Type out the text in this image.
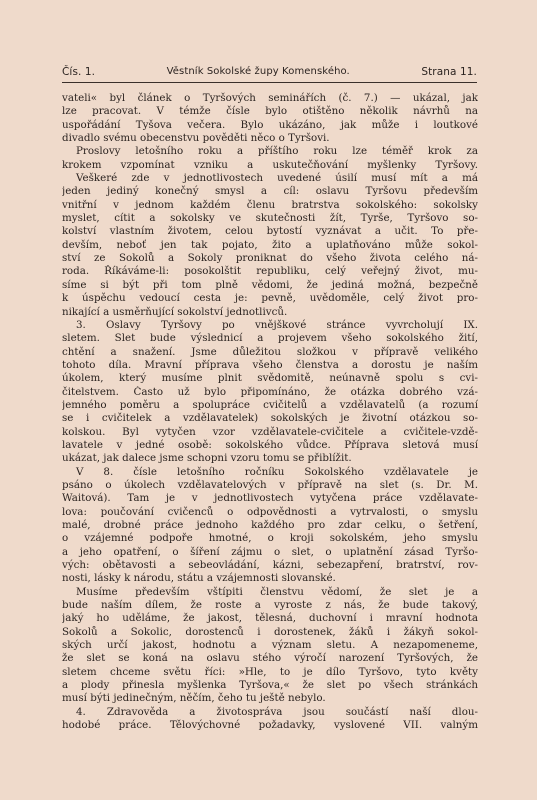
Čís. 1.	Věstník Sokolské župy Komenského.	Strana 11.
vateli« byl článek o Tyršových seminářích (č. 7.) — ukázal, jak
lze pracovat. V témže čísle bylo otištěno několik návrhů na
uspořádání Tyšova večera. Bylo ukázáno, jak může i loutkové
divadlo svému obecenstvu pověděti něco o Tyršovi.
Proslovy letošního roku a příštího roku lze téměř krok za
krokem vzpomínat vzniku a uskutečňování myšlenky Tyršovy.
Veškeré zde v jednotlivostech uvedené úsilí musí mít a má
jeden jediný konečný smysl a cíl: oslavu Tyršovu především
vnitřní v jednom každém členu bratrstva sokolského: sokolsky
myslet, cítit a sokolsky ve skutečnosti žít, Tyrše, Tyršovo so-
kolství vlastním životem, celou bytostí vyznávat a učit. To pře-
devším, neboť jen tak pojato, žito a uplatňováno může sokol-
ství ze Sokolů a Sokoly proniknat do všeho života celého ná-
roda. Říkáváme-li: posokolštit republiku, celý veřejný život, mu-
síme si být při tom plně vědomi, že jediná možná, bezpečně
k úspěchu vedoucí cesta je: pevně, uvědoměle, celý život pro-
nikající a usměrňující sokolství jednotlivců.
3. Oslavy Tyršovy po vnějškové stránce vyvrcholují IX.
sletem. Slet bude výslednicí a projevem všeho sokolského žití,
chtění a snažení. Jsme důležitou složkou v přípravě velikého
tohoto díla. Mravní příprava všeho členstva a dorostu je naším
úkolem, který musíme plnit svědomitě, neúnavně spolu s cvi-
čitelstvem. Často už bylo připomínáno, že otázka dobrého vzá-
jemného poměru a spolupráce cvičitelů a vzdělavatelů (a rozumí
se i cvičitelek a vzdělavatelek) sokolských je životní otázkou so-
kolskou. Byl vytyčen vzor vzdělavatele-cvičitele a cvičitele-vzdě-
lavatele v jedné osobě: sokolského vůdce. Příprava sletová musí
ukázat, jak dalece jsme schopni vzoru tomu se přiblížit.
V 8. čísle letošního ročníku Sokolského vzdělavatele je
psáno o úkolech vzdělavatelových v přípravě na slet (s. Dr. M.
Waitová). Tam je v jednotlivostech vytyčena práce vzdělavate-
lova: poučování cvičenců o odpovědnosti a vytrvalosti, o smyslu
malé, drobné práce jednoho každého pro zdar celku, o šetření,
o vzájemné podpoře hmotné, o kroji sokolském, jeho smyslu
a jeho opatření, o šíření zájmu o slet, o uplatnění zásad Tyršo-
vých: obětavosti a sebeovládání, kázni, sebezapření, bratrství, rov-
nosti, lásky k národu, státu a vzájemnosti slovanské.
Musíme především vštípiti členstvu vědomí, že slet je a
bude naším dílem, že roste a vyroste z nás, že bude takový,
jaký ho uděláme, že jakost, tělesná, duchovní i mravní hodnota
Sokolů a Sokolic, dorostenců i dorostenek, žáků i žákyň sokol-
ských určí jakost, hodnotu a význam sletu. A nezapomeneme,
že slet se koná na oslavu stého výročí narození Tyršových, že
sletem chceme světu říci: »Hle, to je dílo Tyršovo, tyto květy
a plody přinesla myšlenka Tyršova,« že slet po všech stránkách
musí býti jedinečným, něčím, čeho tu ještě nebylo.
4. Zdravověda a životospráva jsou součástí naší dlou-
hodobé práce. Tělovýchovné požadavky, vyslovené VII. valným
